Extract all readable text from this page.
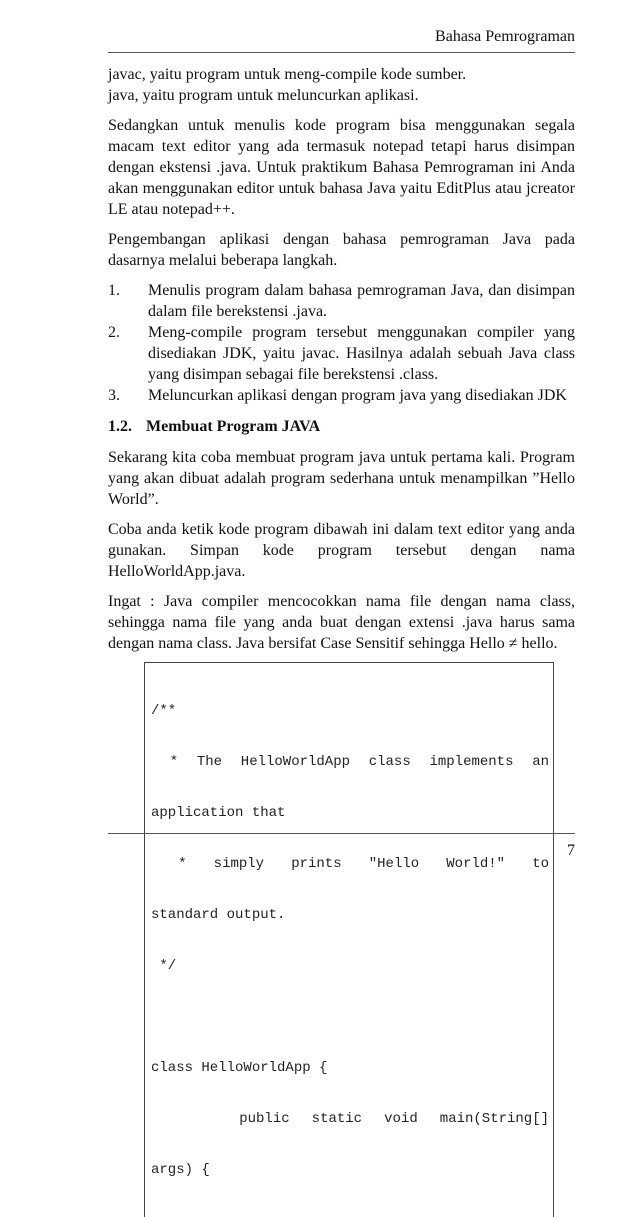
Bahasa Pemrograman

javac, yaitu program untuk meng-compile kode sumber.

java, yaitu program untuk meluncurkan aplikasi.

Sedangkan untuk menulis kode program bisa menggunakan segala macam text editor yang ada termasuk notepad tetapi harus disimpan dengan ekstensi .java. Untuk praktikum Bahasa Pemrograman ini Anda akan menggunakan editor untuk bahasa Java yaitu EditPlus atau jcreator LE atau notepad++.

Pengembangan aplikasi dengan bahasa pemrograman Java pada dasarnya melalui beberapa langkah.

1.	Menulis program dalam bahasa pemrograman Java, dan disimpan dalam file berekstensi .java.
2.	Meng-compile program tersebut menggunakan compiler yang disediakan JDK, yaitu javac. Hasilnya adalah sebuah Java class yang disimpan sebagai file berekstensi .class.
3.	Meluncurkan aplikasi dengan program java yang disediakan JDK
1.2. Membuat Program JAVA

Sekarang kita coba membuat program java untuk pertama kali. Program yang akan dibuat adalah program sederhana untuk menampilkan ”Hello World”.

Coba anda ketik kode program dibawah ini dalam text editor yang anda gunakan. Simpan kode program tersebut dengan nama HelloWorldApp.java.

Ingat : Java compiler mencocokkan nama file dengan nama class, sehingga nama file yang anda buat dengan extensi .java harus sama dengan nama class. Java bersifat Case Sensitif sehingga Hello ≠ hello.

/**

* The HelloWorldApp class implements an

application that

* simply prints "Hello World!" to

standard output.

*/

class HelloWorldApp {

public static void main(String[]

args) {

7
